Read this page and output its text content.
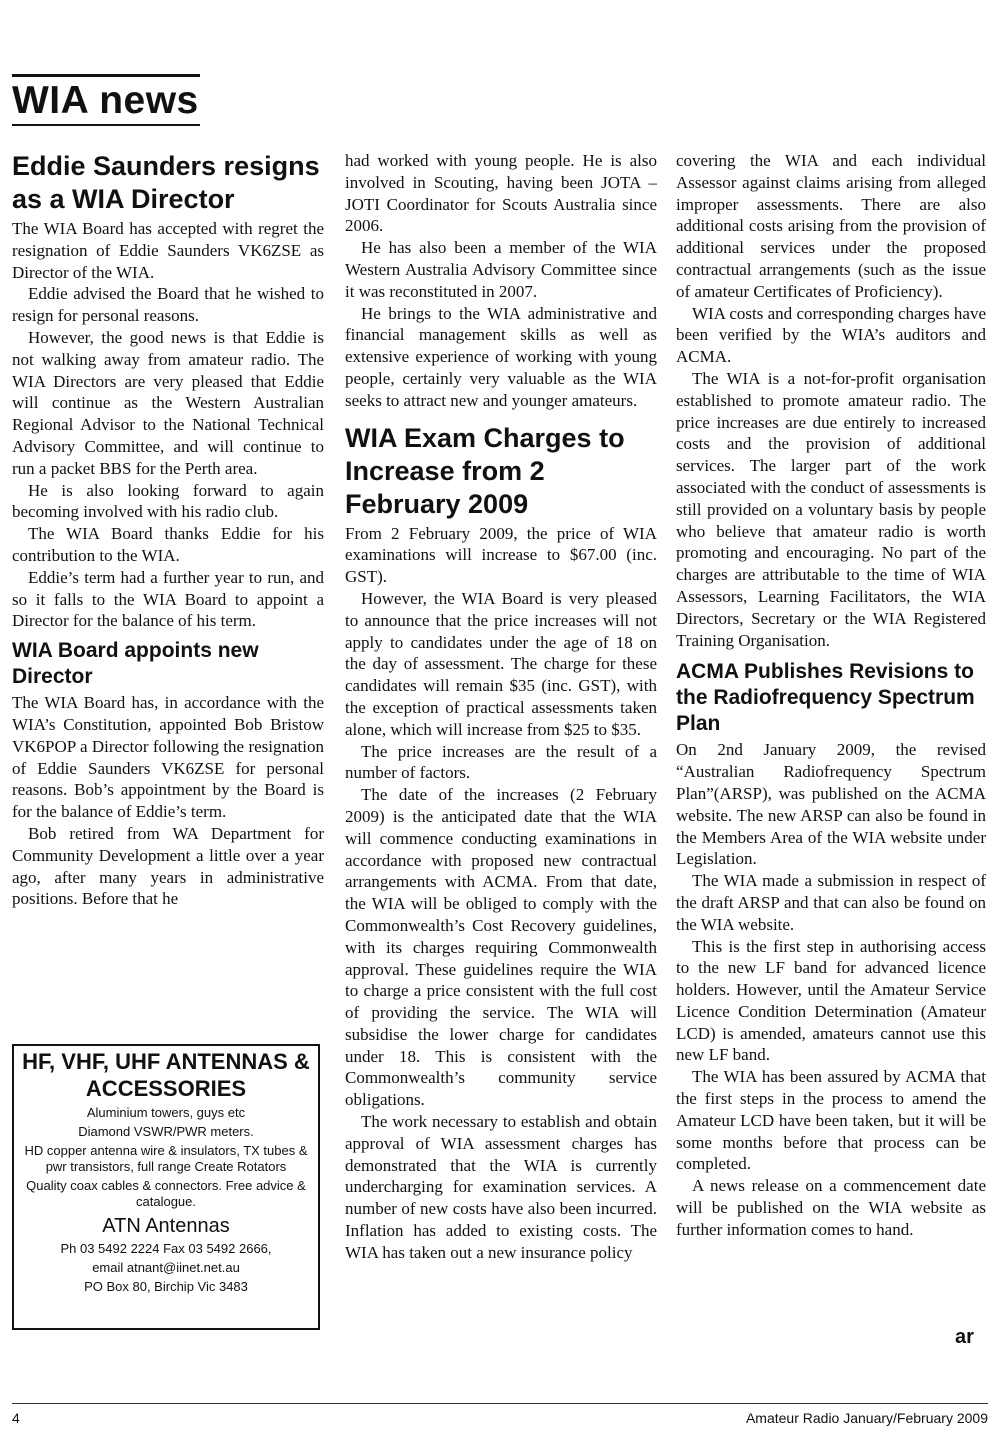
WIA news
Eddie Saunders resigns as a WIA Director

The WIA Board has accepted with regret the resignation of Eddie Saunders VK6ZSE as Director of the WIA.

Eddie advised the Board that he wished to resign for personal reasons.

However, the good news is that Eddie is not walking away from amateur radio. The WIA Directors are very pleased that Eddie will continue as the Western Australian Regional Advisor to the National Technical Advisory Committee, and will continue to run a packet BBS for the Perth area.

He is also looking forward to again becoming involved with his radio club.

The WIA Board thanks Eddie for his contribution to the WIA.

Eddie’s term had a further year to run, and so it falls to the WIA Board to appoint a Director for the balance of his term.

WIA Board appoints new Director

The WIA Board has, in accordance with the WIA’s Constitution, appointed Bob Bristow VK6POP a Director following the resignation of Eddie Saunders VK6ZSE for personal reasons. Bob’s appointment by the Board is for the balance of Eddie’s term.

Bob retired from WA Department for Community Development a little over a year ago, after many years in administrative positions. Before that he

HF, VHF, UHF ANTENNAS & ACCESSORIES
Aluminium towers, guys etc
Diamond VSWR/PWR meters.
HD copper antenna wire & insulators, TX tubes & pwr transistors, full range Create Rotators
Quality coax cables & connectors. Free advice & catalogue.
ATN Antennas
Ph 03 5492 2224 Fax 03 5492 2666,
email atnant@iinet.net.au
PO Box 80, Birchip Vic 3483

had worked with young people. He is also involved in Scouting, having been JOTA –JOTI Coordinator for Scouts Australia since 2006.

He has also been a member of the WIA Western Australia Advisory Committee since it was reconstituted in 2007.

He brings to the WIA administrative and financial management skills as well as extensive experience of working with young people, certainly very valuable as the WIA seeks to attract new and younger amateurs.

WIA Exam Charges to Increase from 2 February 2009

From 2 February 2009, the price of WIA examinations will increase to $67.00 (inc. GST).

However, the WIA Board is very pleased to announce that the price increases will not apply to candidates under the age of 18 on the day of assessment. The charge for these candidates will remain $35 (inc. GST), with the exception of practical assessments taken alone, which will increase from $25 to $35.

The price increases are the result of a number of factors.

The date of the increases (2 February 2009) is the anticipated date that the WIA will commence conducting examinations in accordance with proposed new contractual arrangements with ACMA. From that date, the WIA will be obliged to comply with the Commonwealth’s Cost Recovery guidelines, with its charges requiring Commonwealth approval. These guidelines require the WIA to charge a price consistent with the full cost of providing the service. The WIA will subsidise the lower charge for candidates under 18. This is consistent with the Commonwealth’s community service obligations.

The work necessary to establish and obtain approval of WIA assessment charges has demonstrated that the WIA is currently undercharging for examination services. A number of new costs have also been incurred. Inflation has added to existing costs. The WIA has taken out a new insurance policy

covering the WIA and each individual Assessor against claims arising from alleged improper assessments. There are also additional costs arising from the provision of additional services under the proposed contractual arrangements (such as the issue of amateur Certificates of Proficiency).

WIA costs and corresponding charges have been verified by the WIA’s auditors and ACMA.

The WIA is a not-for-profit organisation established to promote amateur radio. The price increases are due entirely to increased costs and the provision of additional services. The larger part of the work associated with the conduct of assessments is still provided on a voluntary basis by people who believe that amateur radio is worth promoting and encouraging. No part of the charges are attributable to the time of WIA Assessors, Learning Facilitators, the WIA Directors, Secretary or the WIA Registered Training Organisation.

ACMA Publishes Revisions to the Radiofrequency Spectrum Plan

On 2nd January 2009, the revised “Australian Radiofrequency Spectrum Plan”(ARSP), was published on the ACMA website. The new ARSP can also be found in the Members Area of the WIA website under Legislation.

The WIA made a submission in respect of the draft ARSP and that can also be found on the WIA website.

This is the first step in authorising access to the new LF band for advanced licence holders. However, until the Amateur Service Licence Condition Determination (Amateur LCD) is amended, amateurs cannot use this new LF band.

The WIA has been assured by ACMA that the first steps in the process to amend the Amateur LCD have been taken, but it will be some months before that process can be completed.

A news release on a commencement date will be published on the WIA website as further information comes to hand.

ar
4	Amateur Radio January/February 2009
